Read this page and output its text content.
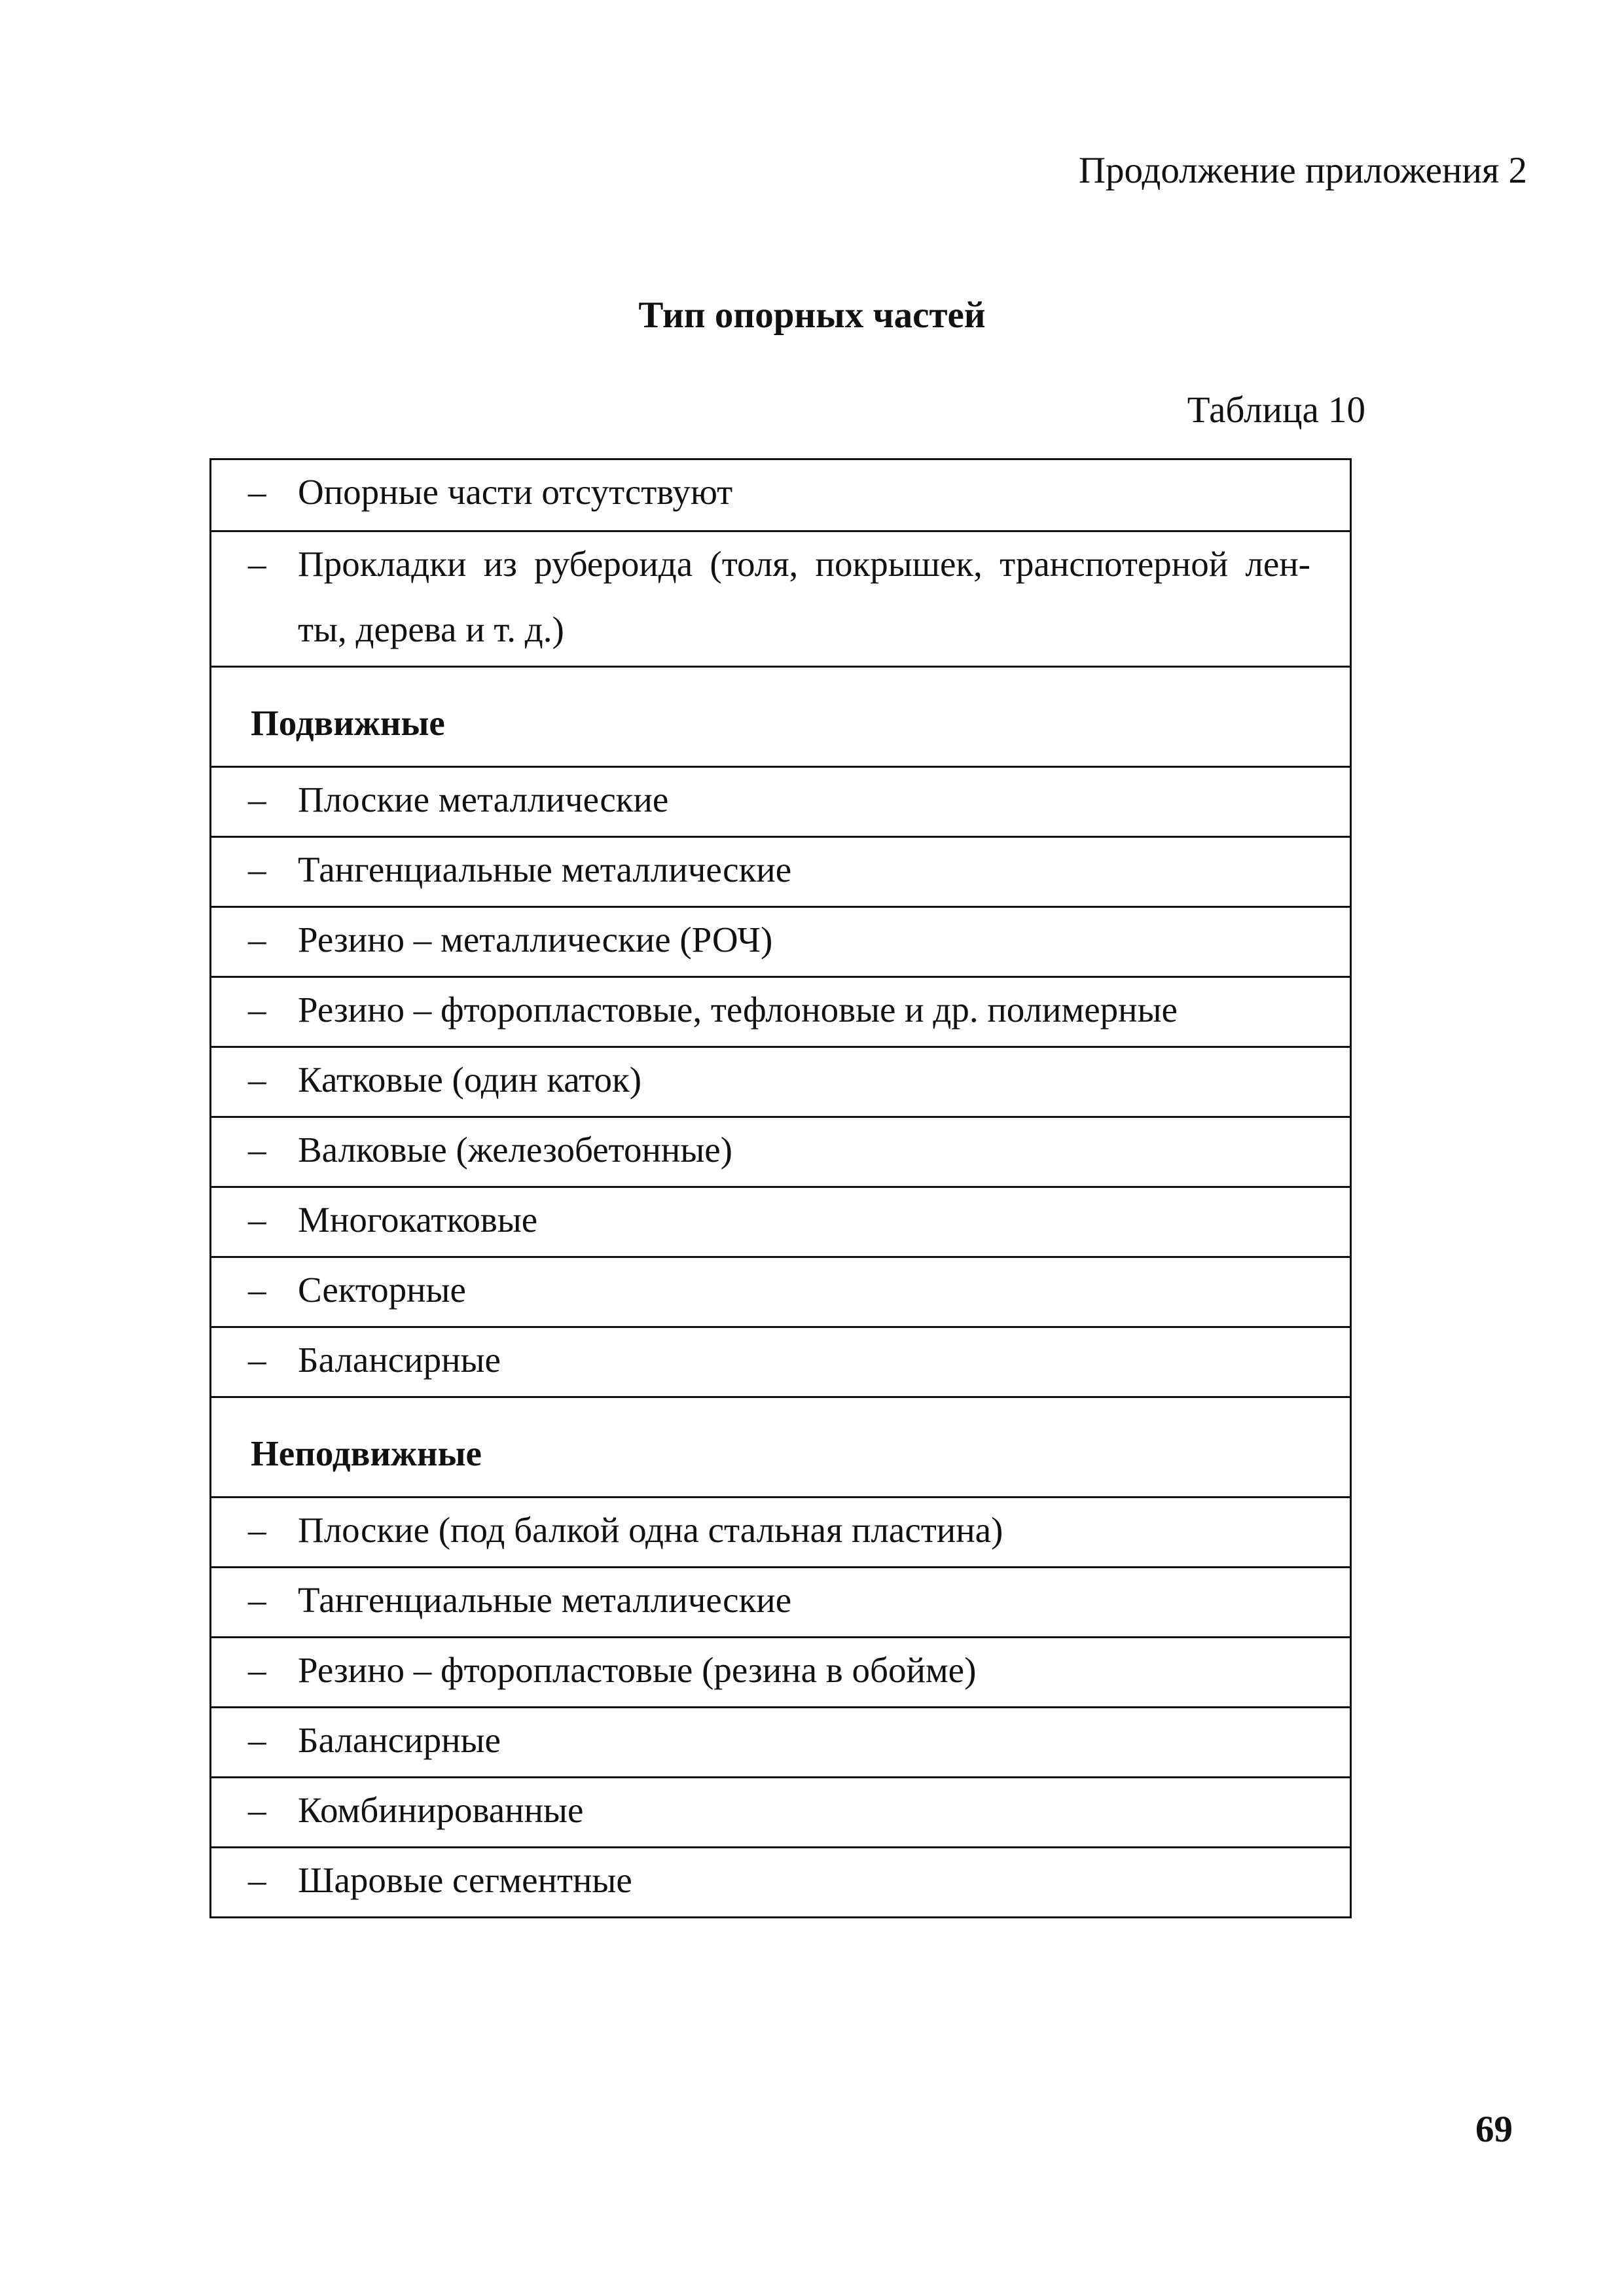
Продолжение приложения 2
Тип опорных частей
Таблица 10
– Опорные части отсутствуют
– Прокладки из рубероида (толя, покрышек, транспотерной лен-
ты, дерева и т. д.)
Подвижные
– Плоские металлические
– Тангенциальные металлические
– Резино – металлические (РОЧ)
– Резино – фторопластовые, тефлоновые и др. полимерные
– Катковые (один каток)
– Валковые (железобетонные)
– Многокатковые
– Секторные
– Балансирные
Неподвижные
– Плоские (под балкой одна стальная пластина)
– Тангенциальные металлические
– Резино – фторопластовые (резина в обойме)
– Балансирные
– Комбинированные
– Шаровые сегментные
69
